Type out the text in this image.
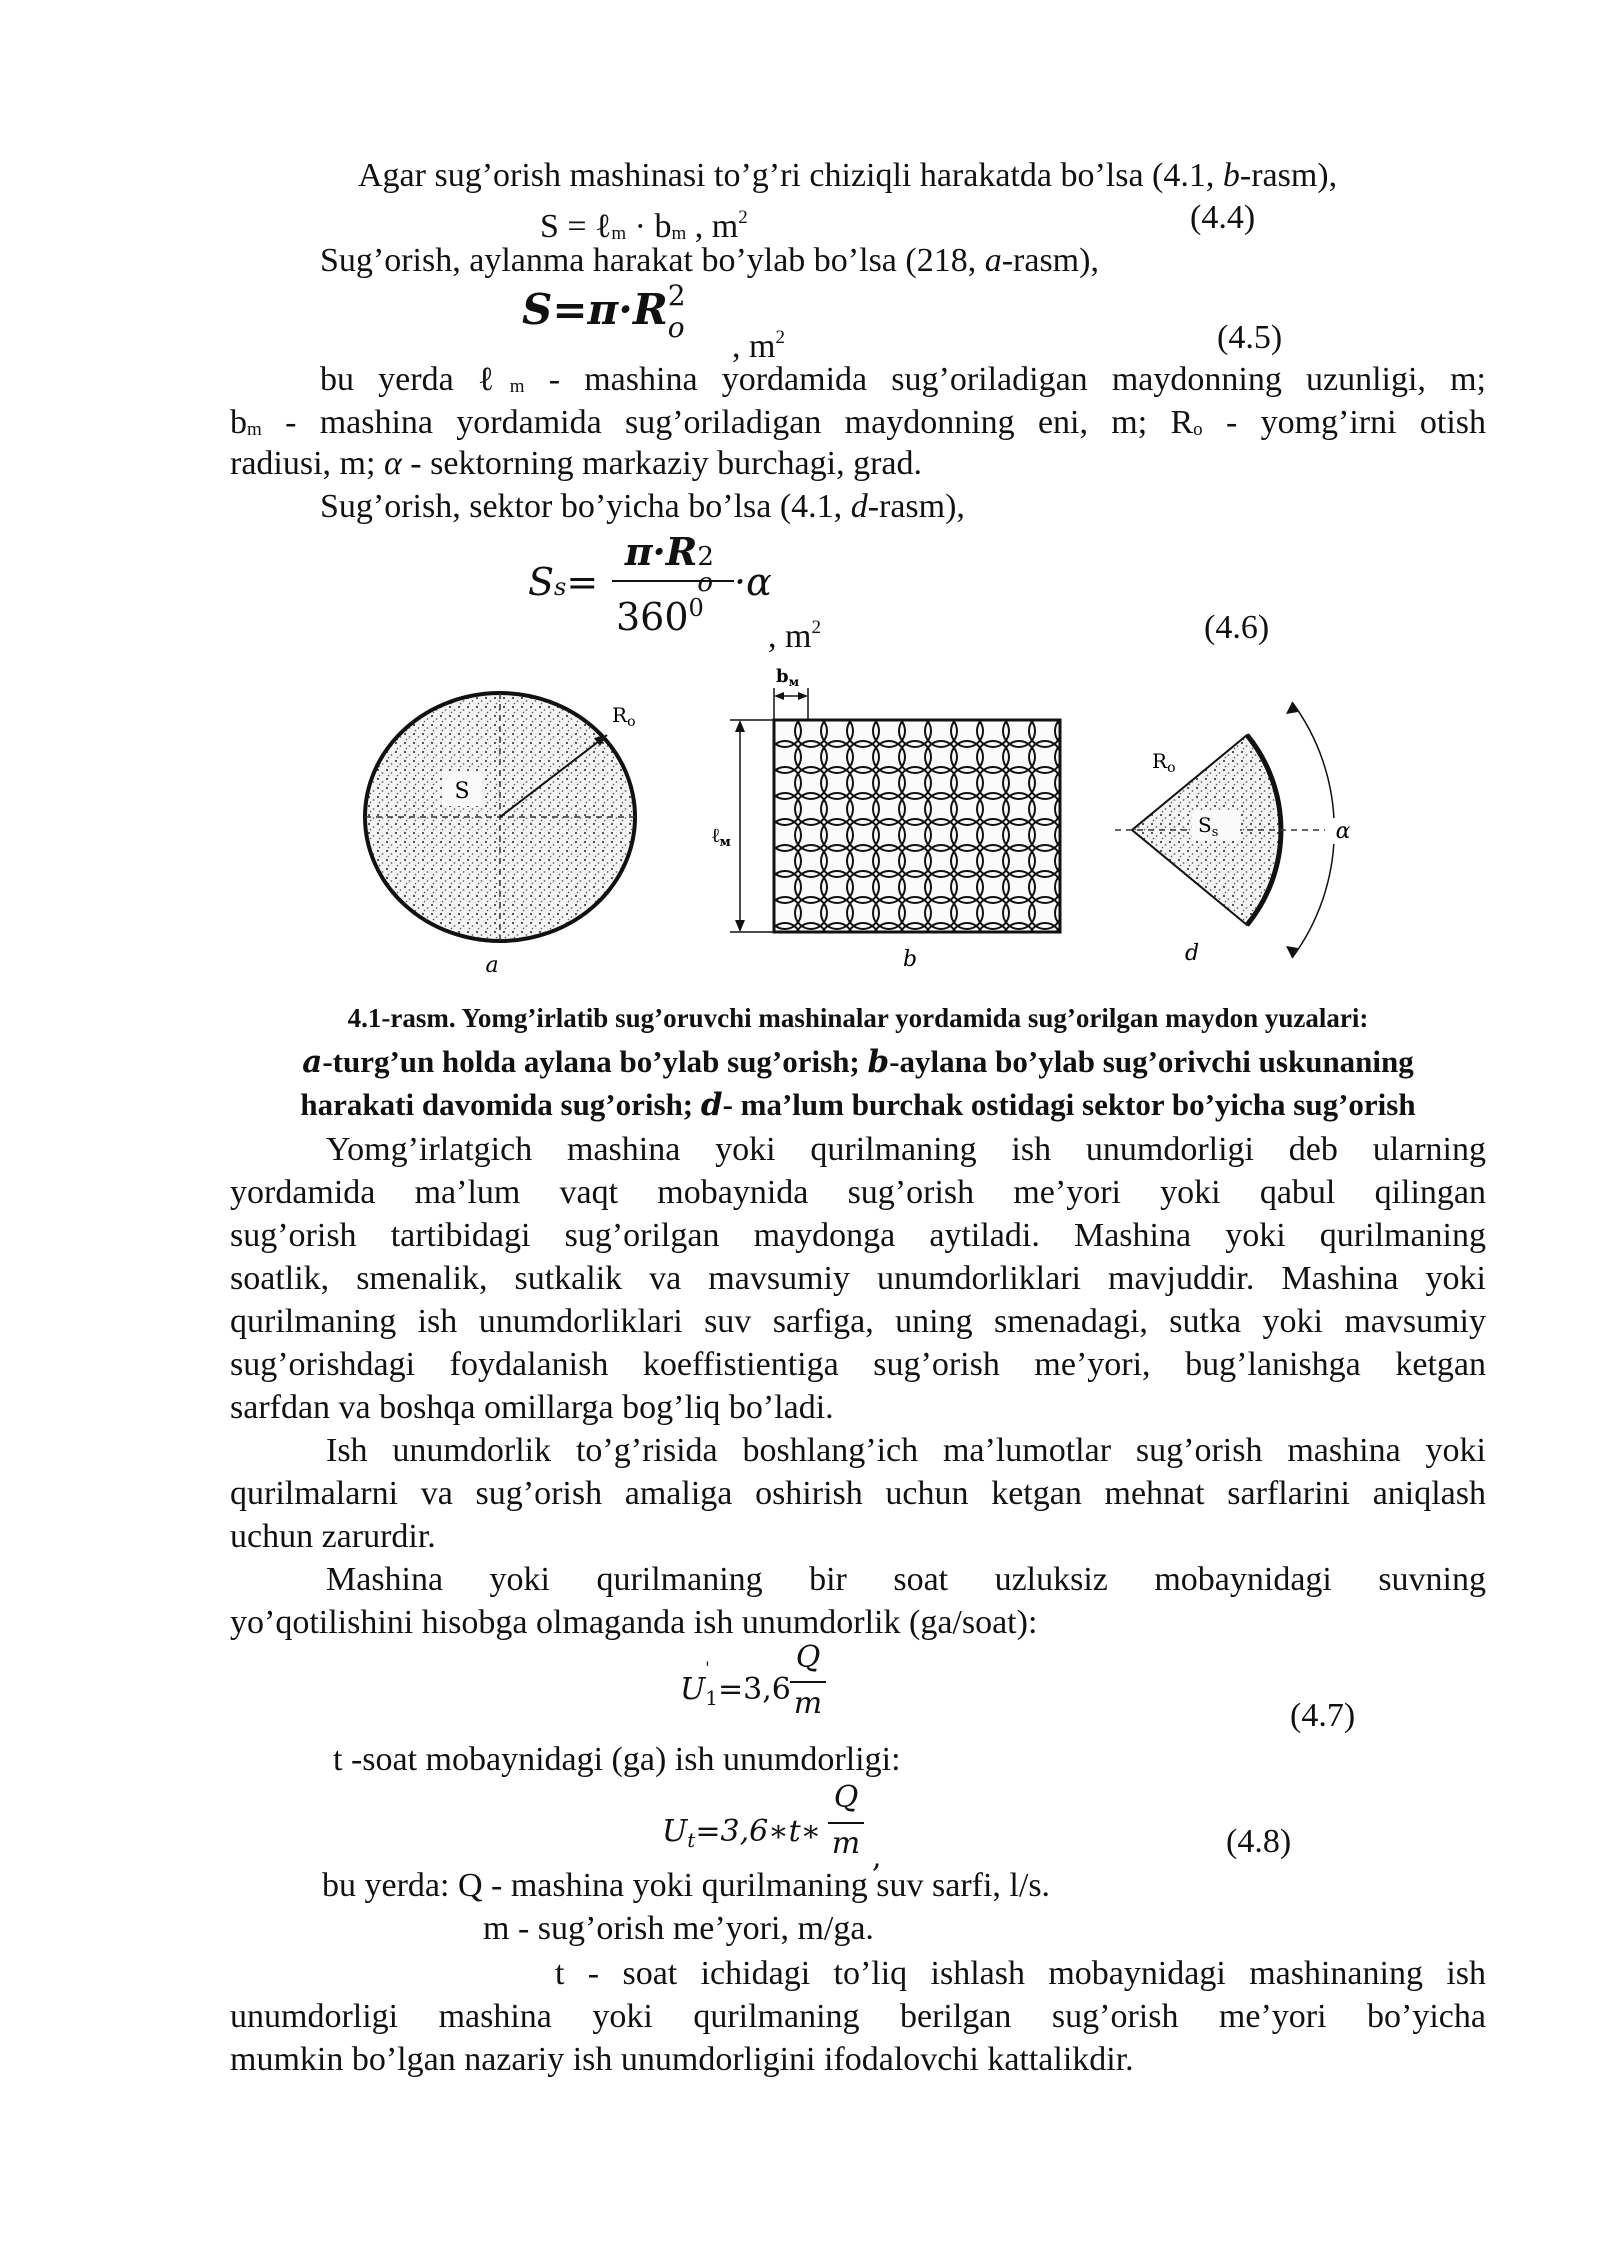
Agar sug’orish mashinasi to’g’ri chiziqli harakatda bo’lsa (4.1, b-rasm),
S = ℓm · bm , $m^2$	(4.4)
Sug’orish, aylanma harakat bo’ylab bo’lsa (218, a-rasm),
S=π·R 2
o
, $m^2$	(4.5)
bu yerda ℓm - mashina yordamida sug’oriladigan maydonning uzunligi, m;
bm - mashina yordamida sug’oriladigan maydonning eni, m; Ro - yomg’irni otish
radiusi, m; α - sektorning markaziy burchagi, grad.
Sug’orish, sektor bo’yicha bo’lsa (4.1, d-rasm),
Ss=
π·R 2
o
$360^0$
·α
, $m^2$	(4.6)
S
$R_o$
a
ℓ$_м$
$b_м$
b
$S_s$
$R_o$
α
d
4.1-rasm. Yomg’irlatib sug’oruvchi mashinalar yordamida sug’orilgan maydon yuzalari:
a-turg’un holda aylana bo’ylab sug’orish; b-aylana bo’ylab sug’orivchi uskunaning
harakati davomida sug’orish; d- ma’lum burchak ostidagi sektor bo’yicha sug’orish
Yomg’irlatgich mashina yoki qurilmaning ish unumdorligi deb ularning
yordamida ma’lum vaqt mobaynida sug’orish me’yori yoki qabul qilingan
sug’orish tartibidagi sug’orilgan maydonga aytiladi. Mashina yoki qurilmaning
soatlik, smenalik, sutkalik va mavsumiy unumdorliklari mavjuddir. Mashina yoki
qurilmaning ish unumdorliklari suv sarfiga, uning smenadagi, sutka yoki mavsumiy
sug’orishdagi foydalanish koeffistientiga sug’orish me’yori, bug’lanishga ketgan
sarfdan va boshqa omillarga bog’liq bo’ladi.
Ish unumdorlik to’g’risida boshlang’ich ma’lumotlar sug’orish mashina yoki
qurilmalarni va sug’orish amaliga oshirish uchun ketgan mehnat sarflarini aniqlash
uchun zarurdir.
Mashina yoki qurilmaning bir soat uzluksiz mobaynidagi suvning
yo’qotilishini hisobga olmaganda ish unumdorlik (ga/soat):
U
'
$_1$=3,6
Q
m	(4.7)
t -soat mobaynidagi (ga) ish unumdorligi:
$U_t=3,6∗t∗$
Q
m ,	(4.8)
bu yerda: Q - mashina yoki qurilmaning suv sarfi, l/s.
m - sug’orish me’yori, m/ga.
t - soat ichidagi to’liq ishlash mobaynidagi mashinaning ish
unumdorligi mashina yoki qurilmaning berilgan sug’orish me’yori bo’yicha
mumkin bo’lgan nazariy ish unumdorligini ifodalovchi kattalikdir.
